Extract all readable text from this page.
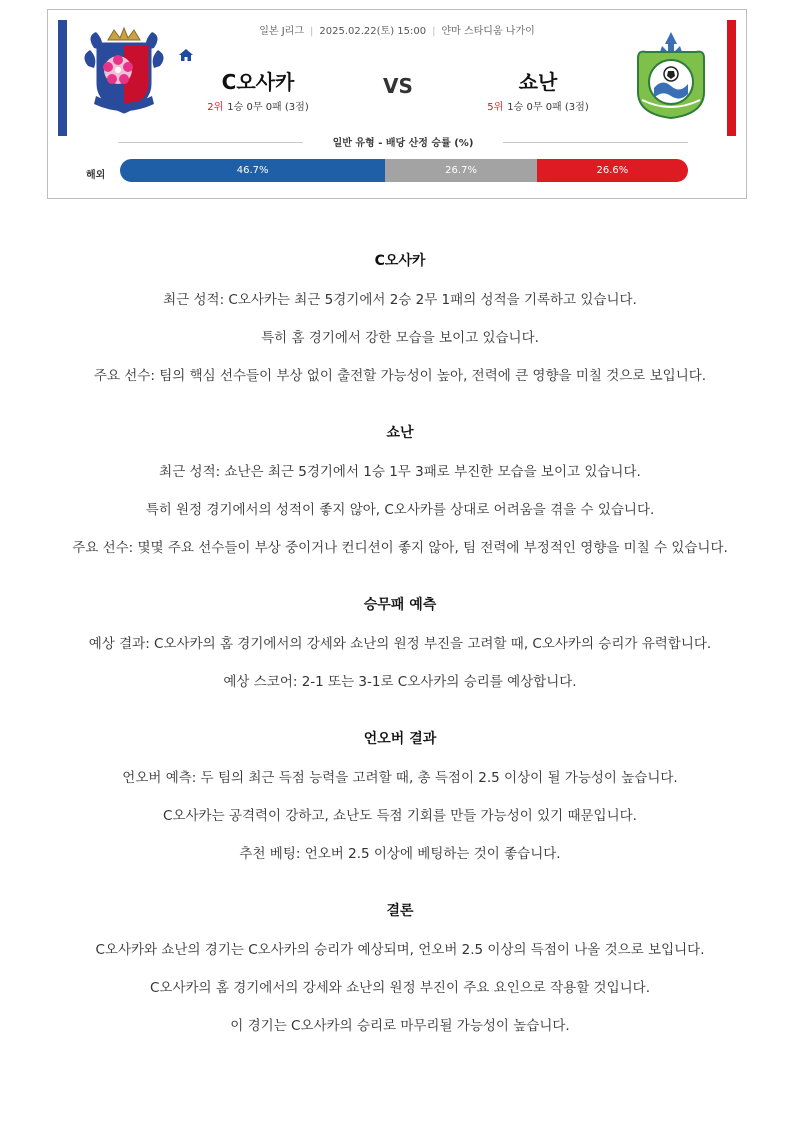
일본 J리그 | 2025.02.22(토) 15:00 | 얀마 스타디움 나가이
C오사카	VS	쇼난
2위 1승 0무 0패 (3점)	5위 1승 0무 0패 (3점)
일반 유형 - 배당 산정 승률 (%)
해외	46.7%	26.7%	26.6%
C오사카

최근 성적: C오사카는 최근 5경기에서 2승 2무 1패의 성적을 기록하고 있습니다.

특히 홈 경기에서 강한 모습을 보이고 있습니다.

주요 선수: 팀의 핵심 선수들이 부상 없이 출전할 가능성이 높아, 전력에 큰 영향을 미칠 것으로 보입니다.

쇼난

최근 성적: 쇼난은 최근 5경기에서 1승 1무 3패로 부진한 모습을 보이고 있습니다.

특히 원정 경기에서의 성적이 좋지 않아, C오사카를 상대로 어려움을 겪을 수 있습니다.

주요 선수: 몇몇 주요 선수들이 부상 중이거나 컨디션이 좋지 않아, 팀 전력에 부정적인 영향을 미칠 수 있습니다.

승무패 예측

예상 결과: C오사카의 홈 경기에서의 강세와 쇼난의 원정 부진을 고려할 때, C오사카의 승리가 유력합니다.

예상 스코어: 2-1 또는 3-1로 C오사카의 승리를 예상합니다.

언오버 결과

언오버 예측: 두 팀의 최근 득점 능력을 고려할 때, 총 득점이 2.5 이상이 될 가능성이 높습니다.

C오사카는 공격력이 강하고, 쇼난도 득점 기회를 만들 가능성이 있기 때문입니다.

추천 베팅: 언오버 2.5 이상에 베팅하는 것이 좋습니다.

결론

C오사카와 쇼난의 경기는 C오사카의 승리가 예상되며, 언오버 2.5 이상의 득점이 나올 것으로 보입니다.

C오사카의 홈 경기에서의 강세와 쇼난의 원정 부진이 주요 요인으로 작용할 것입니다.

이 경기는 C오사카의 승리로 마무리될 가능성이 높습니다.
